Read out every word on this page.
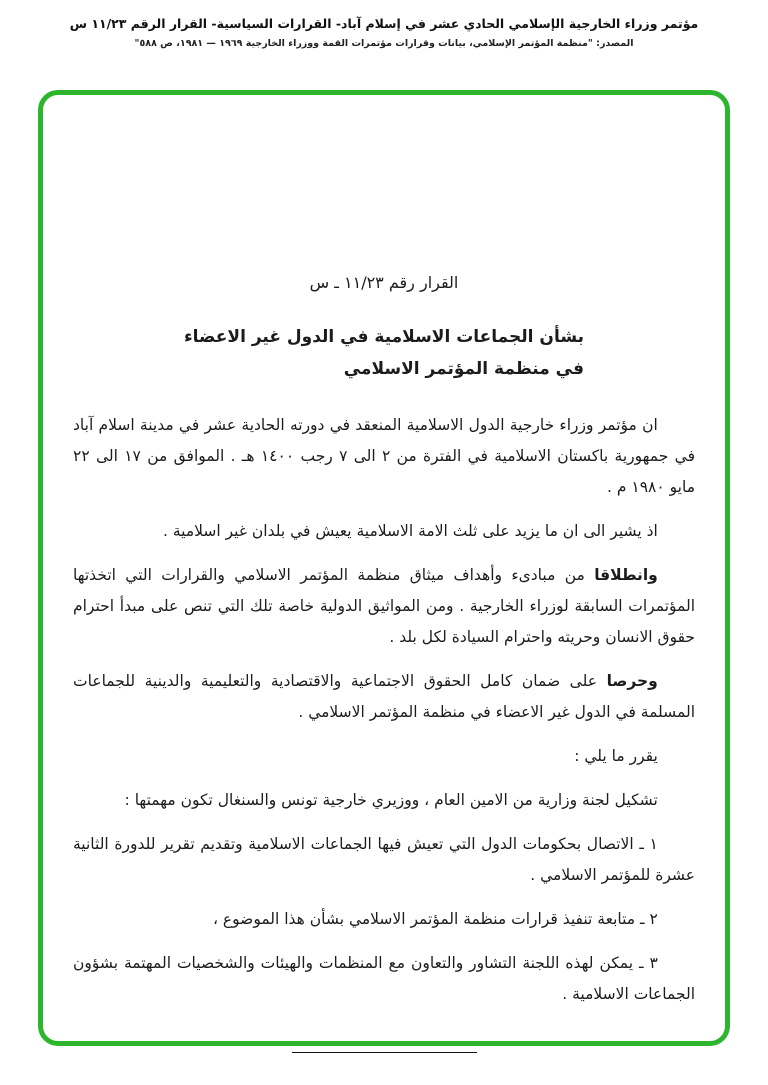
مؤتمر وزراء الخارجية الإسلامي الحادي عشر في إسلام آباد- القرارات السياسية- القرار الرقم ١١/٢٣ س
المصدر: "منظمة المؤتمر الإسلامي، بيانات وقرارات مؤتمرات القمة ووزراء الخارجية ١٩٦٩ — ١٩٨١، ص ٥٨٨"
القرار رقم ١١/٢٣ ـ س
بشأن الجماعات الاسلامية في الدول غير الاعضاء
في منظمة المؤتمر الاسلامي

ان مؤتمر وزراء خارجية الدول الاسلامية المنعقد في دورته الحادية عشر في مدينة اسلام آباد في جمهورية باكستان الاسلامية في الفترة من ٢ الى ٧ رجب ١٤٠٠ هـ . الموافق من ١٧ الى ٢٢ مايو ١٩٨٠ م .

اذ يشير الى ان ما يزيد على ثلث الامة الاسلامية يعيش في بلدان غير اسلامية .

وانطلاقا من مبادىء وأهداف ميثاق منظمة المؤتمر الاسلامي والقرارات التي اتخذتها المؤتمرات السابقة لوزراء الخارجية . ومن المواثيق الدولية خاصة تلك التي تنص على مبدأ احترام حقوق الانسان وحريته واحترام السيادة لكل بلد .

وحرصا على ضمان كامل الحقوق الاجتماعية والاقتصادية والتعليمية والدينية للجماعات المسلمة في الدول غير الاعضاء في منظمة المؤتمر الاسلامي .

يقرر ما يلي :

تشكيل لجنة وزارية من الامين العام ، ووزيري خارجية تونس والسنغال تكون مهمتها :

١ ـ الاتصال بحكومات الدول التي تعيش فيها الجماعات الاسلامية وتقديم تقرير للدورة الثانية عشرة للمؤتمر الاسلامي .

٢ ـ متابعة تنفيذ قرارات منظمة المؤتمر الاسلامي بشأن هذا الموضوع ،

٣ ـ يمكن لهذه اللجنة التشاور والتعاون مع المنظمات والهيئات والشخصيات المهتمة بشؤون الجماعات الاسلامية .
